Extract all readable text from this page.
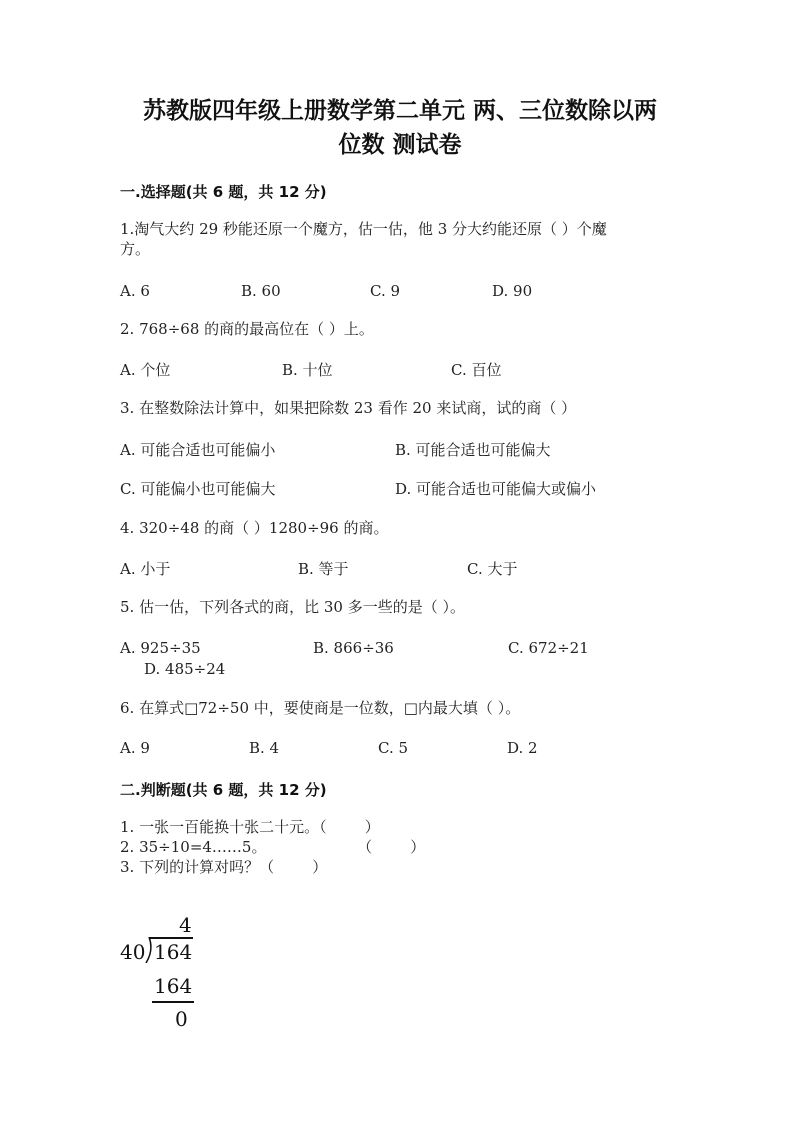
苏教版四年级上册数学第二单元 两、三位数除以两
位数 测试卷
一.选择题(共 6 题，共 12 分)
1.淘气大约 29 秒能还原一个魔方，估一估，他 3 分大约能还原（ ）个魔
方。
A. 6	B. 60	C. 9	D. 90
2. 768÷68 的商的最高位在（ ）上。
A. 个位	B. 十位	C. 百位
3. 在整数除法计算中，如果把除数 23 看作 20 来试商，试的商（ ）
A. 可能合适也可能偏小	B. 可能合适也可能偏大
C. 可能偏小也可能偏大	D. 可能合适也可能偏大或偏小
4. 320÷48 的商（ ）1280÷96 的商。
A. 小于	B. 等于	C. 大于
5. 估一估，下列各式的商，比 30 多一些的是（ ）。
A. 925÷35	B. 866÷36	C. 672÷21
D. 485÷24
6. 在算式□72÷50 中，要使商是一位数，□内最大填（ ）。
A. 9	B. 4	C. 5	D. 2
二.判断题(共 6 题，共 12 分)
1. 一张一百能换十张二十元。（        ）
2. 35÷10=4……5。                   （        ）
3. 下列的计算对吗？（        ）
4
40 164
164
0
